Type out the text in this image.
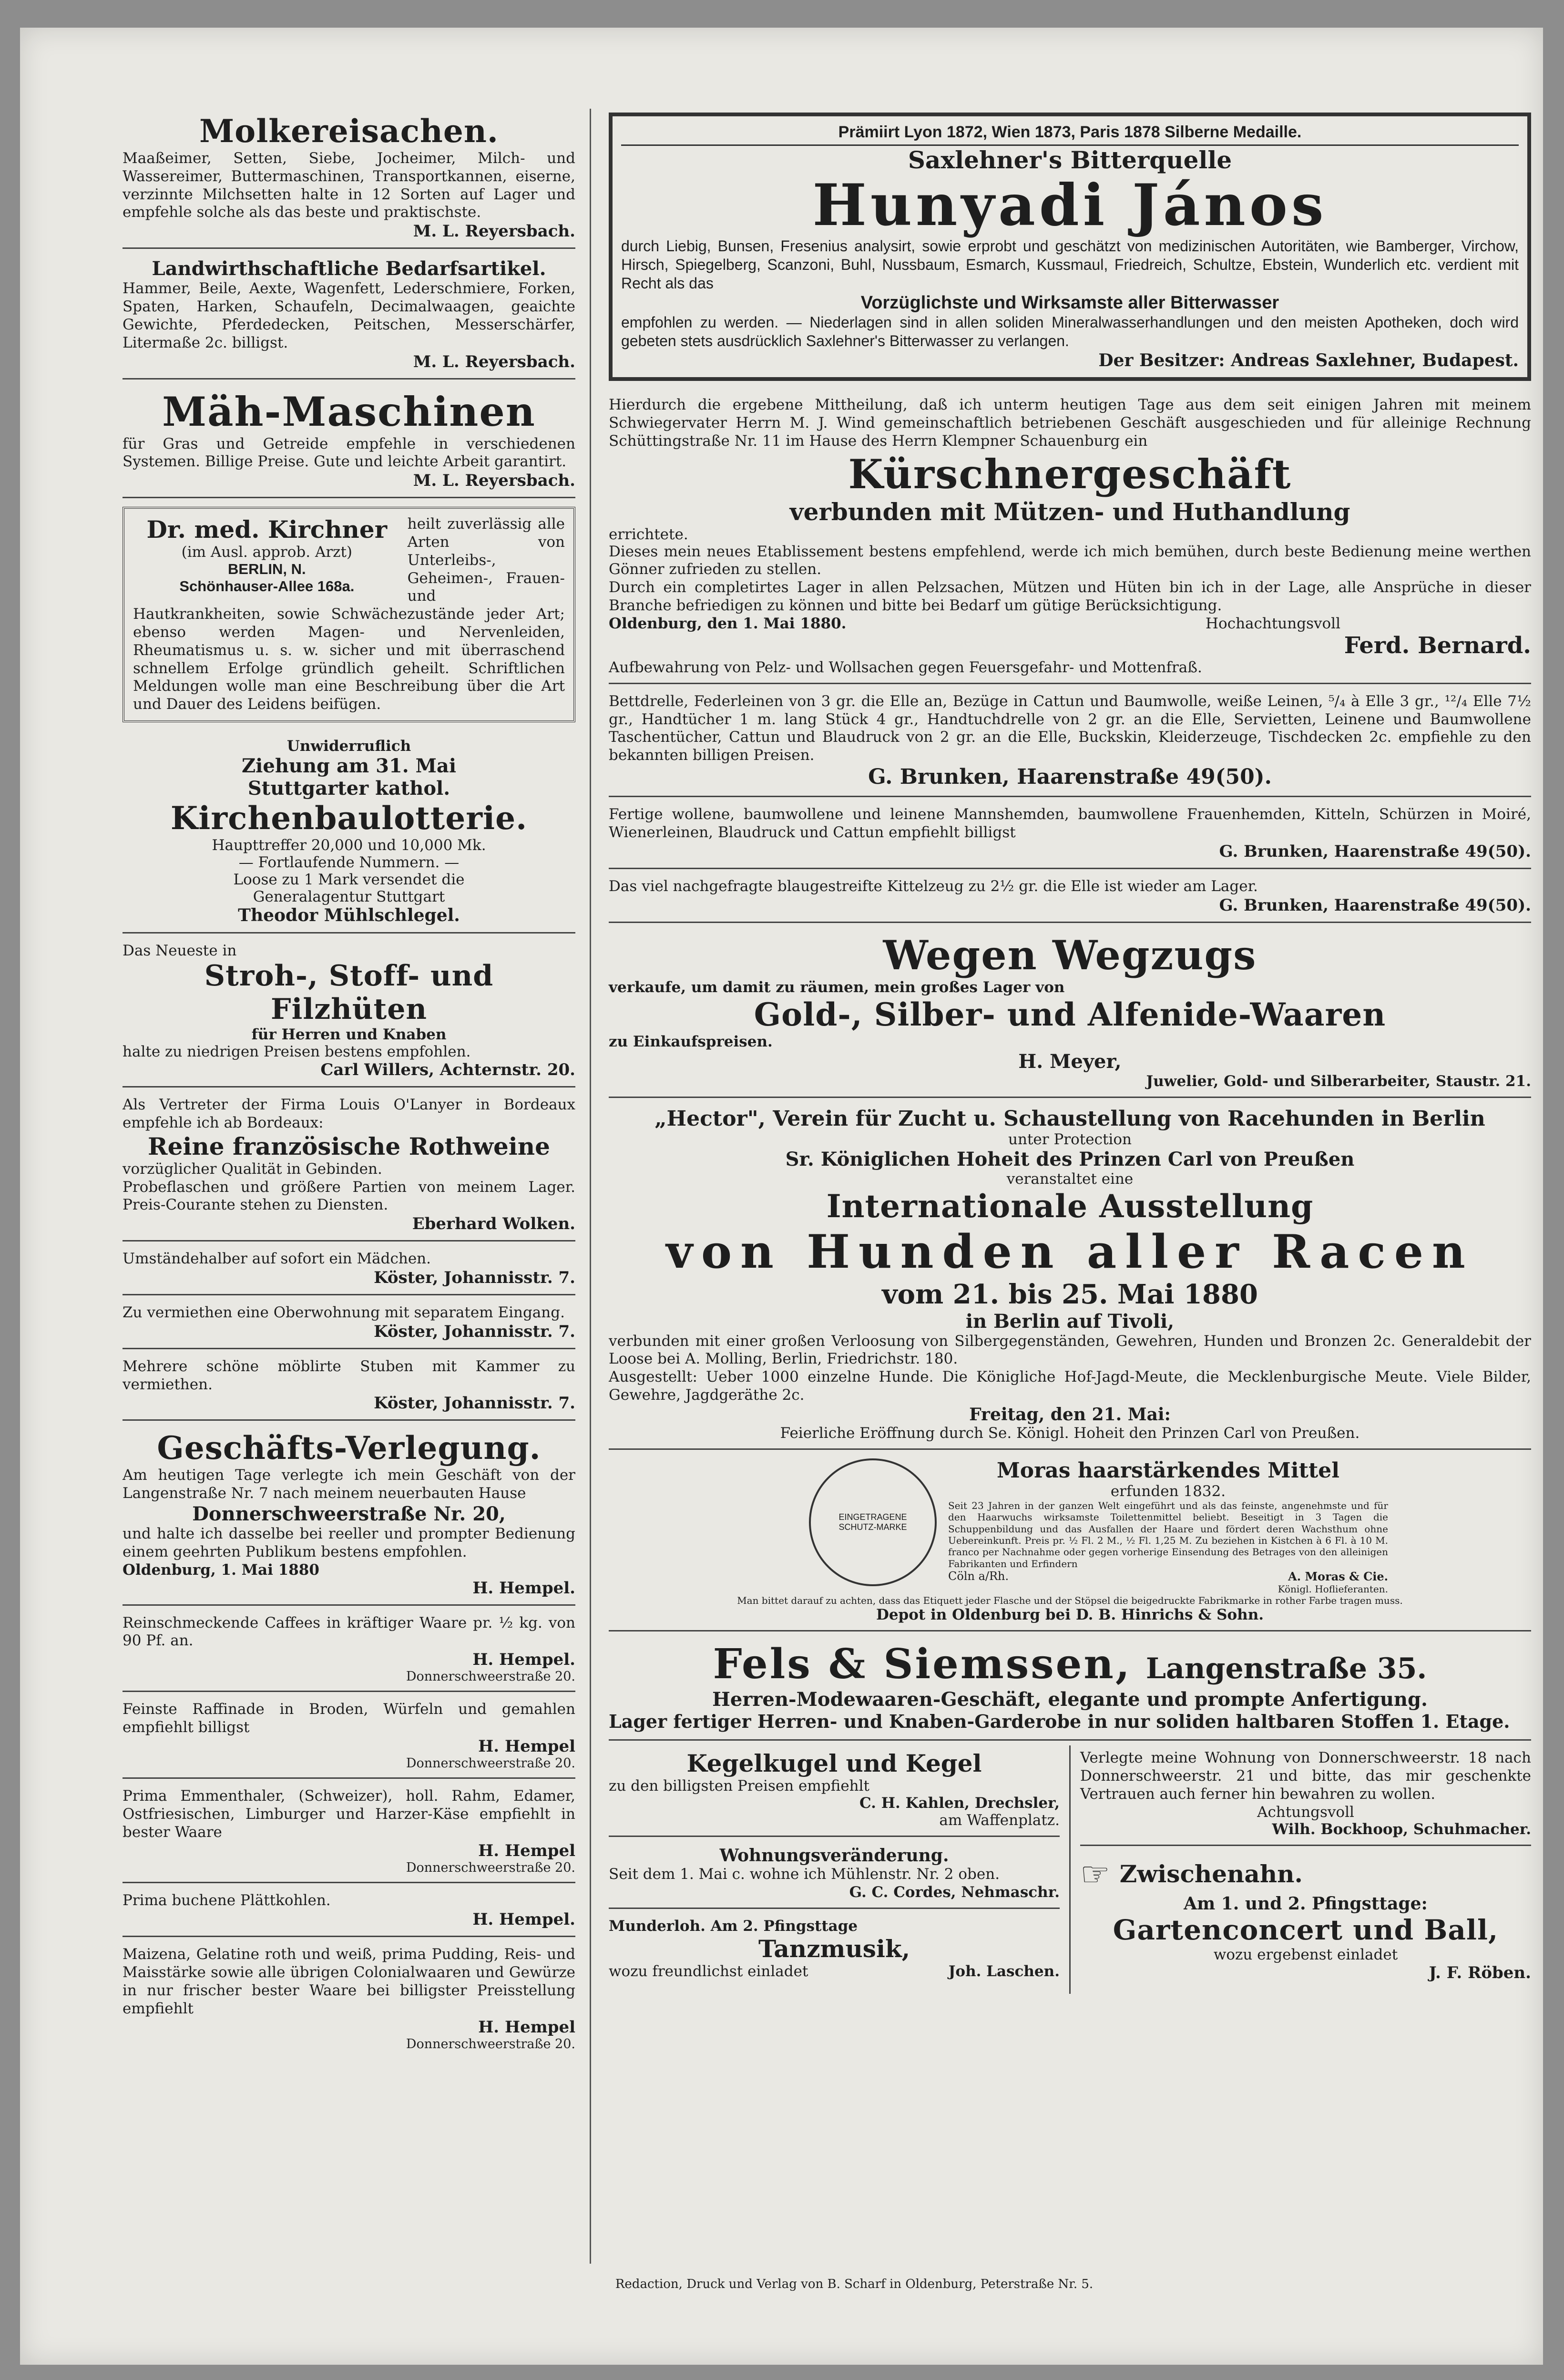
Molkereisachen.

Maaßeimer, Setten, Siebe, Jocheimer, Milch- und Wassereimer, Buttermaschinen, Transportkannen, eiserne, verzinnte Milchsetten halte in 12 Sorten auf Lager und empfehle solche als das beste und praktischste.

M. L. Reyersbach.
Landwirthschaftliche Bedarfsartikel.

Hammer, Beile, Aexte, Wagenfett, Lederschmiere, Forken, Spaten, Harken, Schaufeln, Decimalwaagen, geaichte Gewichte, Pferdedecken, Peitschen, Messerschärfer, Litermaße 2c. billigst.

M. L. Reyersbach.
Mäh-Maschinen

für Gras und Getreide empfehle in verschiedenen Systemen. Billige Preise. Gute und leichte Arbeit garantirt.

M. L. Reyersbach.
Dr. med. Kirchner
(im Ausl. approb. Arzt)
BERLIN, N.
Schönhauser-Allee 168a.

heilt zuverlässig alle Arten von Unterleibs-, Geheimen-, Frauen- und

Hautkrankheiten, sowie Schwächezustände jeder Art; ebenso werden Magen- und Nervenleiden, Rheumatismus u. s. w. sicher und mit überraschend schnellem Erfolge gründlich geheilt. Schriftlichen Meldungen wolle man eine Beschreibung über die Art und Dauer des Leidens beifügen.

Unwiderruflich
Ziehung am 31. Mai
Stuttgarter kathol.
Kirchenbaulotterie.
Haupttreffer 20,000 und 10,000 Mk.
— Fortlaufende Nummern. —
Loose zu 1 Mark versendet die
Generalagentur Stuttgart
Theodor Mühlschlegel.
Das Neueste in
Stroh-, Stoff- und Filzhüten
für Herren und Knaben
halte zu niedrigen Preisen bestens empfohlen.
Carl Willers, Achternstr. 20.

Als Vertreter der Firma Louis O'Lanyer in Bordeaux empfehle ich ab Bordeaux:

Reine französische Rothweine

vorzüglicher Qualität in Gebinden.

Probeflaschen und größere Partien von meinem Lager. Preis-Courante stehen zu Diensten.

Eberhard Wolken.

Umständehalber auf sofort ein Mädchen.

Köster, Johannisstr. 7.

Zu vermiethen eine Oberwohnung mit separatem Eingang.

Köster, Johannisstr. 7.

Mehrere schöne möblirte Stuben mit Kammer zu vermiethen.

Köster, Johannisstr. 7.
Geschäfts-Verlegung.

Am heutigen Tage verlegte ich mein Geschäft von der Langenstraße Nr. 7 nach meinem neuerbauten Hause

Donnerschweerstraße Nr. 20,

und halte ich dasselbe bei reeller und prompter Bedienung einem geehrten Publikum bestens empfohlen.

Oldenburg, 1. Mai 1880
H. Hempel.

Reinschmeckende Caffees in kräftiger Waare pr. ½ kg. von 90 Pf. an.

H. Hempel.
Donnerschweerstraße 20.

Feinste Raffinade in Broden, Würfeln und gemahlen empfiehlt billigst

H. Hempel
Donnerschweerstraße 20.

Prima Emmenthaler, (Schweizer), holl. Rahm, Edamer, Ostfriesischen, Limburger und Harzer-Käse empfiehlt in bester Waare

H. Hempel
Donnerschweerstraße 20.

Prima buchene Plättkohlen.

H. Hempel.

Maizena, Gelatine roth und weiß, prima Pudding, Reis- und Maisstärke sowie alle übrigen Colonialwaaren und Gewürze in nur frischer bester Waare bei billigster Preisstellung empfiehlt

H. Hempel
Donnerschweerstraße 20.
Prämiirt Lyon 1872, Wien 1873, Paris 1878 Silberne Medaille.
Saxlehner's Bitterquelle
Hunyadi János

durch Liebig, Bunsen, Fresenius analysirt, sowie erprobt und geschätzt von medizinischen Autoritäten, wie Bamberger, Virchow, Hirsch, Spiegelberg, Scanzoni, Buhl, Nussbaum, Esmarch, Kussmaul, Friedreich, Schultze, Ebstein, Wunderlich etc. verdient mit Recht als das

Vorzüglichste und Wirksamste aller Bitterwasser

empfohlen zu werden. — Niederlagen sind in allen soliden Mineralwasserhandlungen und den meisten Apotheken, doch wird gebeten stets ausdrücklich Saxlehner's Bitterwasser zu verlangen.

Der Besitzer: Andreas Saxlehner, Budapest.

Hierdurch die ergebene Mittheilung, daß ich unterm heutigen Tage aus dem seit einigen Jahren mit meinem Schwiegervater Herrn M. J. Wind gemeinschaftlich betriebenen Geschäft ausgeschieden und für alleinige Rechnung Schüttingstraße Nr. 11 im Hause des Herrn Klempner Schauenburg ein

Kürschnergeschäft
verbunden mit Mützen- und Huthandlung
errichtete.

Dieses mein neues Etablissement bestens empfehlend, werde ich mich bemühen, durch beste Bedienung meine werthen Gönner zufrieden zu stellen.

Durch ein completirtes Lager in allen Pelzsachen, Mützen und Hüten bin ich in der Lage, alle Ansprüche in dieser Branche befriedigen zu können und bitte bei Bedarf um gütige Berücksichtigung.

Oldenburg, den 1. Mai 1880.	Hochachtungsvoll
Ferd. Bernard.
Aufbewahrung von Pelz- und Wollsachen gegen Feuersgefahr- und Mottenfraß.

Bettdrelle, Federleinen von 3 gr. die Elle an, Bezüge in Cattun und Baumwolle, weiße Leinen, ⁵/₄ à Elle 3 gr., ¹²/₄ Elle 7½ gr., Handtücher 1 m. lang Stück 4 gr., Handtuchdrelle von 2 gr. an die Elle, Servietten, Leinene und Baumwollene Taschentücher, Cattun und Blaudruck von 2 gr. an die Elle, Buckskin, Kleiderzeuge, Tischdecken 2c. empfiehle zu den bekannten billigen Preisen.

G. Brunken, Haarenstraße 49(50).

Fertige wollene, baumwollene und leinene Mannshemden, baumwollene Frauenhemden, Kitteln, Schürzen in Moiré, Wienerleinen, Blaudruck und Cattun empfiehlt billigst

G. Brunken, Haarenstraße 49(50).

Das viel nachgefragte blaugestreifte Kittelzeug zu 2½ gr. die Elle ist wieder am Lager.

G. Brunken, Haarenstraße 49(50).
Wegen Wegzugs
verkaufe, um damit zu räumen, mein großes Lager von
Gold-, Silber- und Alfenide-Waaren
zu Einkaufspreisen.
H. Meyer,
Juwelier, Gold- und Silberarbeiter, Staustr. 21.
„Hector", Verein für Zucht u. Schaustellung von Racehunden in Berlin
unter Protection
Sr. Königlichen Hoheit des Prinzen Carl von Preußen
veranstaltet eine
Internationale Ausstellung
von Hunden aller Racen
vom 21. bis 25. Mai 1880
in Berlin auf Tivoli,

verbunden mit einer großen Verloosung von Silbergegenständen, Gewehren, Hunden und Bronzen 2c. Generaldebit der Loose bei A. Molling, Berlin, Friedrichstr. 180.

Ausgestellt: Ueber 1000 einzelne Hunde. Die Königliche Hof-Jagd-Meute, die Mecklenburgische Meute. Viele Bilder, Gewehre, Jagdgeräthe 2c.

Freitag, den 21. Mai:
Feierliche Eröffnung durch Se. Königl. Hoheit den Prinzen Carl von Preußen.
EINGETRAGENE SCHUTZ-MARKE
Moras haarstärkendes Mittel
erfunden 1832.

Seit 23 Jahren in der ganzen Welt eingeführt und als das feinste, angenehmste und für den Haarwuchs wirksamste Toilettenmittel beliebt. Beseitigt in 3 Tagen die Schuppenbildung und das Ausfallen der Haare und fördert deren Wachsthum ohne Uebereinkunft. Preis pr. ½ Fl. 2 M., ½ Fl. 1,25 M. Zu beziehen in Kistchen à 6 Fl. à 10 M. franco per Nachnahme oder gegen vorherige Einsendung des Betrages von den alleinigen Fabrikanten und Erfindern

Cöln a/Rh.	A. Moras & Cie.
Königl. Hoflieferanten.
Man bittet darauf zu achten, dass das Etiquett jeder Flasche und der Stöpsel die beigedruckte Fabrikmarke in rother Farbe tragen muss.
Depot in Oldenburg bei D. B. Hinrichs & Sohn.
Fels & Siemssen, Langenstraße 35.
Herren-Modewaaren-Geschäft, elegante und prompte Anfertigung.

Lager fertiger Herren- und Knaben-Garderobe in nur soliden haltbaren Stoffen 1. Etage.

Kegelkugel und Kegel
zu den billigsten Preisen empfiehlt
C. H. Kahlen, Drechsler,
am Waffenplatz.
Wohnungsveränderung.

Seit dem 1. Mai c. wohne ich Mühlenstr. Nr. 2 oben.

G. C. Cordes, Nehmaschr.
Munderloh. Am 2. Pfingsttage
Tanzmusik,
wozu freundlichst einladet	Joh. Laschen.

Verlegte meine Wohnung von Donnerschweerstr. 18 nach Donnerschweerstr. 21 und bitte, das mir geschenkte Vertrauen auch ferner hin bewahren zu wollen.

Achtungsvoll
Wilh. Bockhoop, Schuhmacher.
☞ Zwischenahn.
Am 1. und 2. Pfingsttage:
Gartenconcert und Ball,
wozu ergebenst einladet
J. F. Röben.
Redaction, Druck und Verlag von B. Scharf in Oldenburg, Peterstraße Nr. 5.
